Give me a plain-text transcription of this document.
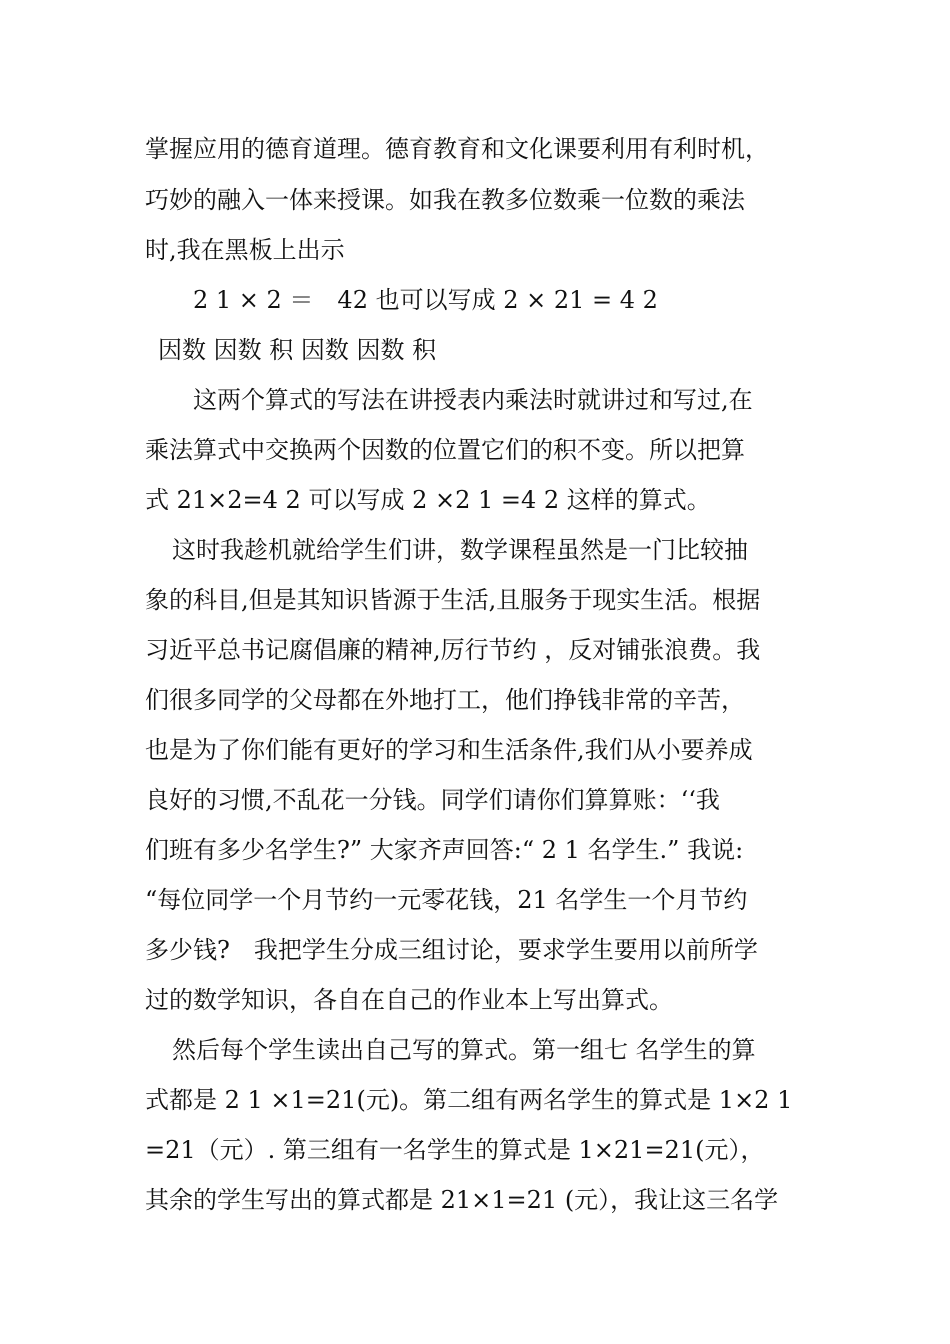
掌握应用的德育道理。德育教育和文化课要利用有利时机，
巧妙的融入一体来授课。如我在教多位数乘一位数的乘法
时,我在黑板上出示
2 1 × 2 ＝　42 也可以写成 2 × 21 = 4 2
因数 因数 积 因数 因数 积
这两个算式的写法在讲授表内乘法时就讲过和写过,在
乘法算式中交换两个因数的位置它们的积不变。所以把算
式 21×2=4 2 可以写成 2 ×2 1 =4 2 这样的算式。
这时我趁机就给学生们讲，数学课程虽然是一门比较抽
象的科目,但是其知识皆源于生活,且服务于现实生活。根据
习近平总书记腐倡廉的精神,厉行节约 ，反对铺张浪费。我
们很多同学的父母都在外地打工，他们挣钱非常的辛苦，
也是为了你们能有更好的学习和生活条件,我们从小要养成
良好的习惯,不乱花一分钱。同学们请你们算算账：‘‘我
们班有多少名学生?” 大家齐声回答:“ 2 1 名学生.” 我说:
“每位同学一个月节约一元零花钱，21 名学生一个月节约
多少钱?　我把学生分成三组讨论，要求学生要用以前所学
过的数学知识，各自在自己的作业本上写出算式。
然后每个学生读出自己写的算式。第一组七 名学生的算
式都是 2 1 ×1=21(元)。第二组有两名学生的算式是 1×2 1
=21（元）. 第三组有一名学生的算式是 1×21=21(元），
其余的学生写出的算式都是 21×1=21 (元），我让这三名学
